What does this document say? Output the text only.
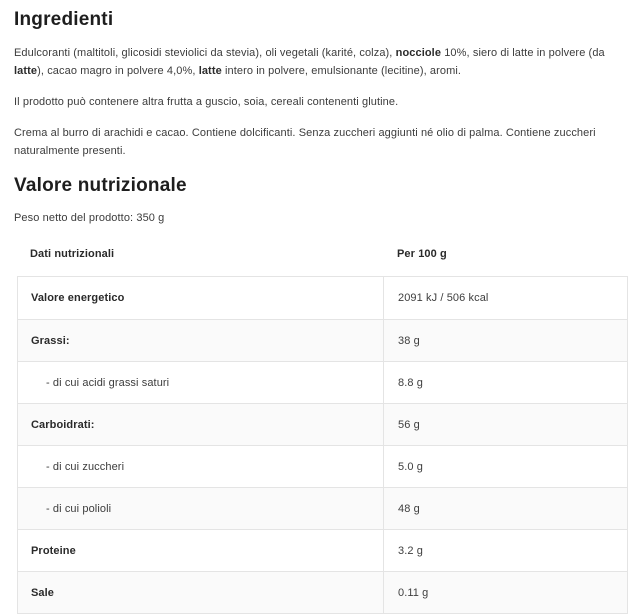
Ingredienti

Edulcoranti (maltitoli, glicosidi steviolici da stevia), oli vegetali (karité, colza), nocciole 10%, siero di latte in polvere (da latte), cacao magro in polvere 4,0%, latte intero in polvere, emulsionante (lecitine), aromi.

Il prodotto può contenere altra frutta a guscio, soia, cereali contenenti glutine.

Crema al burro di arachidi e cacao. Contiene dolcificanti. Senza zuccheri aggiunti né olio di palma. Contiene zuccheri naturalmente presenti.

Valore nutrizionale

Peso netto del prodotto: 350 g

Dati nutrizionali	Per 100 g
Valore energetico	2091 kJ / 506 kcal
Grassi:	38 g
- di cui acidi grassi saturi	8.8 g
Carboidrati:	56 g
- di cui zuccheri	5.0 g
- di cui polioli	48 g
Proteine	3.2 g
Sale	0.11 g
